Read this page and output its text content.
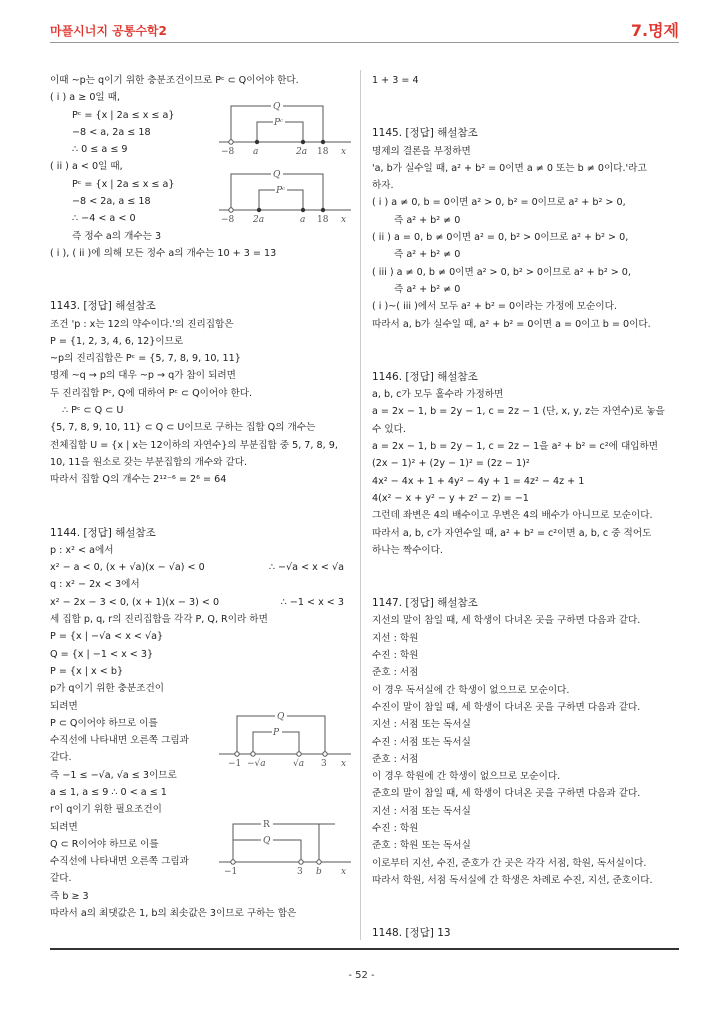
마플시너지 공통수학2	7.명제
이때 ~p는 q이기 위한 충분조건이므로 Pᶜ ⊂ Q이어야 한다.
( i ) a ≥ 0일 때,
Pᶜ = {x | 2a ≤ x ≤ a}
−8 < a, 2a ≤ 18
∴ 0 ≤ a ≤ 9
( ii ) a < 0일 때,
Pᶜ = {x | 2a ≤ x ≤ a}
−8 < 2a, a ≤ 18
∴ −4 < a < 0
즉 정수 a의 개수는 3
( i ), ( ii )에 의해 모든 정수 a의 개수는 10 + 3 = 13
1143. [정답] 해설참조
조건 'p : x는 12의 약수이다.'의 진리집합은
P = {1, 2, 3, 4, 6, 12}이므로
~p의 진리집합은 Pᶜ = {5, 7, 8, 9, 10, 11}
명제 ~q → p의 대우 ~p → q가 참이 되려면
두 진리집합 Pᶜ, Q에 대하여 Pᶜ ⊂ Q이어야 한다.
∴ Pᶜ ⊂ Q ⊂ U
{5, 7, 8, 9, 10, 11} ⊂ Q ⊂ U이므로 구하는 집합 Q의 개수는
전체집합 U = {x | x는 12이하의 자연수}의 부분집합 중 5, 7, 8, 9,
10, 11을 원소로 갖는 부분집합의 개수와 같다.
따라서 집합 Q의 개수는 2¹²⁻⁶ = 2⁶ = 64
1144. [정답] 해설참조
p : x² < a에서
x² − a < 0, (x + √a)(x − √a) < 0	∴ −√a < x < √a
q : x² − 2x < 3에서
x² − 2x − 3 < 0, (x + 1)(x − 3) < 0	∴ −1 < x < 3
세 집합 p, q, r의 진리집합을 각각 P, Q, R이라 하면
P = {x | −√a < x < √a}
Q = {x | −1 < x < 3}
P = {x | x < b}
p가 q이기 위한 충분조건이
되려면
P ⊂ Q이어야 하므로 이를
수직선에 나타내면 오른쪽 그림과
같다.
즉 −1 ≤ −√a, √a ≤ 3이므로
a ≤ 1, a ≤ 9 ∴ 0 < a ≤ 1
r이 q이기 위한 필요조건이
되려면
Q ⊂ R이어야 하므로 이를
수직선에 나타내면 오른쪽 그림과
같다.
즉 b ≥ 3
따라서 a의 최댓값은 1, b의 최솟값은 3이므로 구하는 합은
Q
Pᶜ
−8 a	2a 18 x
Q
Pᶜ
−8 2a	a 18 x
Q
P
−1 −√a	√a 3 x
R
Q
−1	3 b x
1 + 3 = 4
1145. [정답] 해설참조
명제의 결론을 부정하면
'a, b가 실수일 때, a² + b² = 0이면 a ≠ 0 또는 b ≠ 0이다.'라고
하자.
( i ) a ≠ 0, b = 0이면 a² > 0, b² = 0이므로 a² + b² > 0,
즉 a² + b² ≠ 0
( ii ) a = 0, b ≠ 0이면 a² = 0, b² > 0이므로 a² + b² > 0,
즉 a² + b² ≠ 0
( iii ) a ≠ 0, b ≠ 0이면 a² > 0, b² > 0이므로 a² + b² > 0,
즉 a² + b² ≠ 0
( i )~( iii )에서 모두 a² + b² = 0이라는 가정에 모순이다.
따라서 a, b가 실수일 때, a² + b² = 0이면 a = 0이고 b = 0이다.
1146. [정답] 해설참조
a, b, c가 모두 홀수라 가정하면
a = 2x − 1, b = 2y − 1, c = 2z − 1 (단, x, y, z는 자연수)로 놓을
수 있다.
a = 2x − 1, b = 2y − 1, c = 2z − 1을 a² + b² = c²에 대입하면
(2x − 1)² + (2y − 1)² = (2z − 1)²
4x² − 4x + 1 + 4y² − 4y + 1 = 4z² − 4z + 1
4(x² − x + y² − y + z² − z) = −1
그런데 좌변은 4의 배수이고 우변은 4의 배수가 아니므로 모순이다.
따라서 a, b, c가 자연수일 때, a² + b² = c²이면 a, b, c 중 적어도
하나는 짝수이다.
1147. [정답] 해설참조
지선의 말이 참일 때, 세 학생이 다녀온 곳을 구하면 다음과 같다.
지선 : 학원
수진 : 학원
준호 : 서점
이 경우 독서실에 간 학생이 없으므로 모순이다.
수진이 말이 참일 때, 세 학생이 다녀온 곳을 구하면 다음과 같다.
지선 : 서점 또는 독서실
수진 : 서점 또는 독서실
준호 : 서점
이 경우 학원에 간 학생이 없으므로 모순이다.
준호의 말이 참일 때, 세 학생이 다녀온 곳을 구하면 다음과 같다.
지선 : 서점 또는 독서실
수진 : 학원
준호 : 학원 또는 독서실
이로부터 지선, 수진, 준호가 간 곳은 각각 서점, 학원, 독서실이다.
따라서 학원, 서점 독서실에 간 학생은 차례로 수진, 지선, 준호이다.
1148. [정답] 13
- 52 -
